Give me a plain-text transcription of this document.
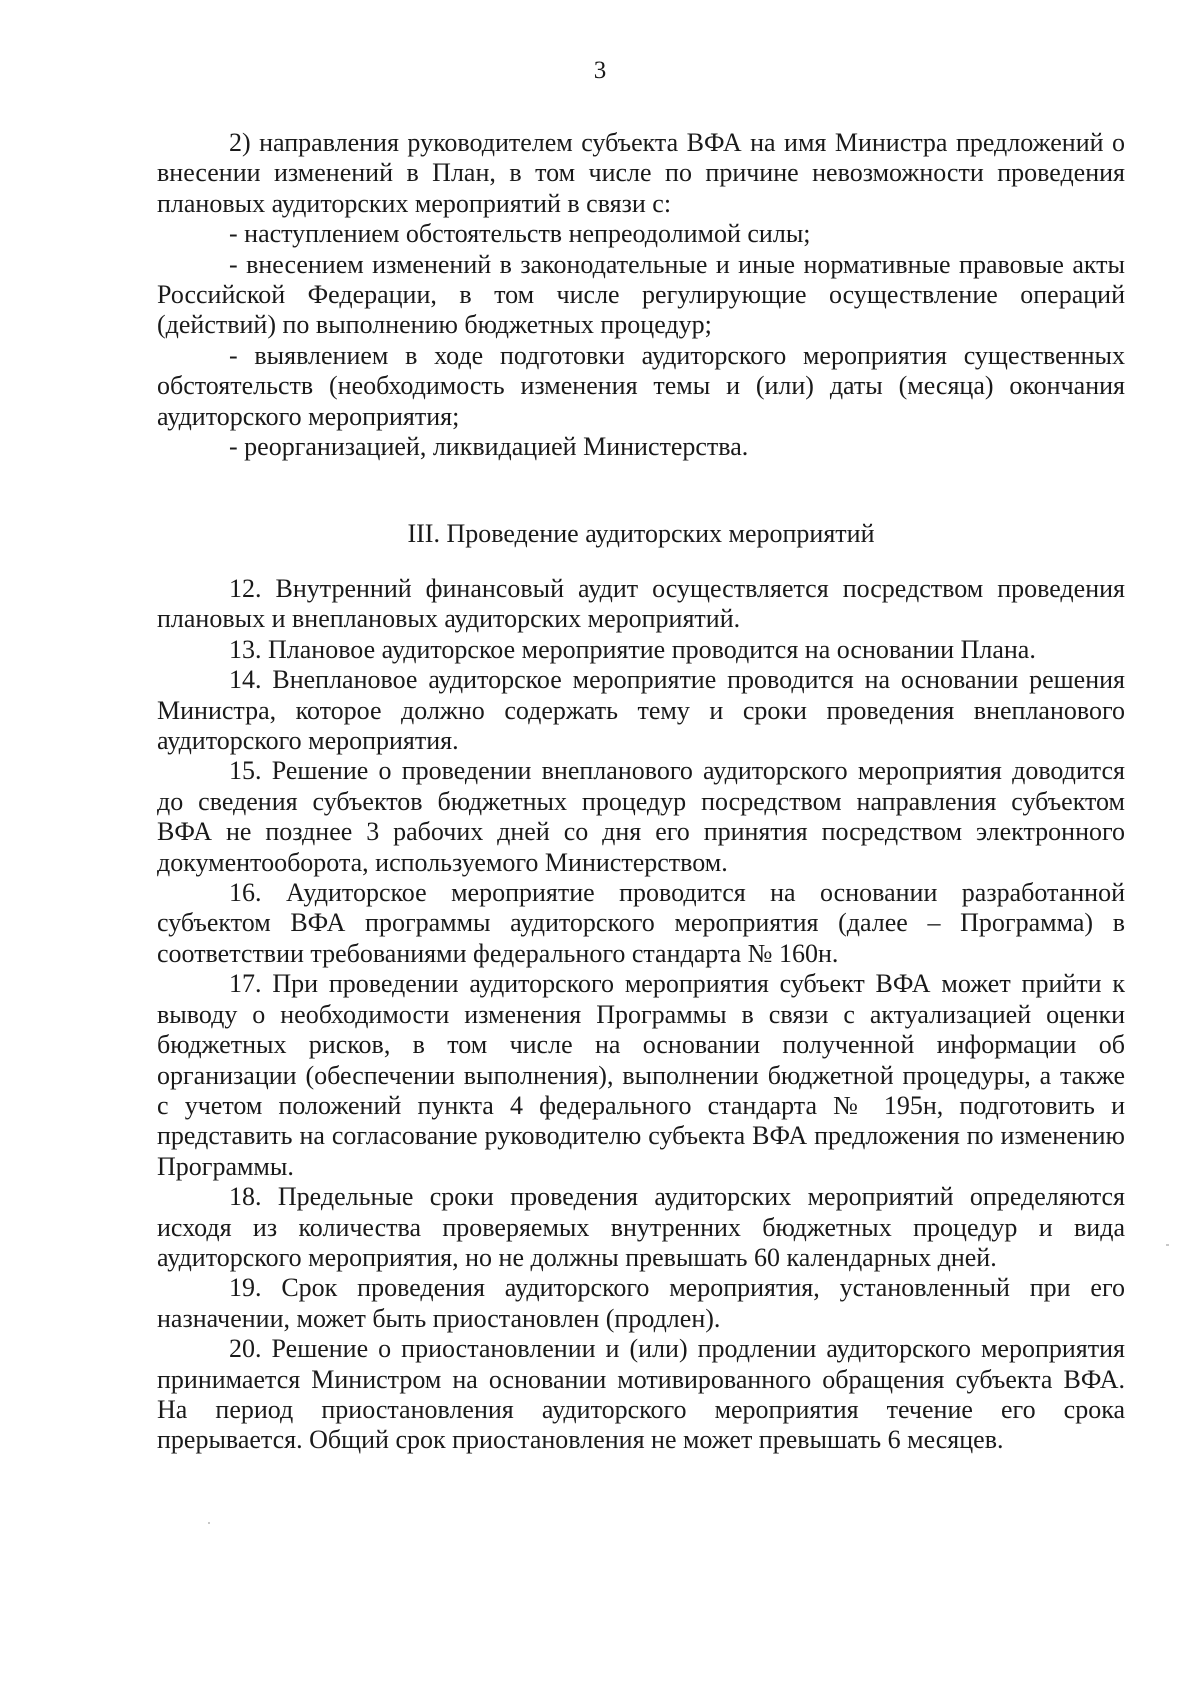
3

2) направления руководителем субъекта ВФА на имя Министра предложений о внесении изменений в План, в том числе по причине невозможности проведения плановых аудиторских мероприятий в связи с:

- наступлением обстоятельств непреодолимой силы;

- внесением изменений в законодательные и иные нормативные правовые акты Российской Федерации, в том числе регулирующие осуществление операций (действий) по выполнению бюджетных процедур;

- выявлением в ходе подготовки аудиторского мероприятия существенных обстоятельств (необходимость изменения темы и (или) даты (месяца) окончания аудиторского мероприятия;

- реорганизацией, ликвидацией Министерства.

III. Проведение аудиторских мероприятий

12. Внутренний финансовый аудит осуществляется посредством проведения плановых и внеплановых аудиторских мероприятий.

13. Плановое аудиторское мероприятие проводится на основании Плана.

14. Внеплановое аудиторское мероприятие проводится на основании решения Министра, которое должно содержать тему и сроки проведения внепланового аудиторского мероприятия.

15. Решение о проведении внепланового аудиторского мероприятия доводится до сведения субъектов бюджетных процедур посредством направления субъектом ВФА не позднее 3 рабочих дней со дня его принятия посредством электронного документооборота, используемого Министерством.

16. Аудиторское мероприятие проводится на основании разработанной субъектом ВФА программы аудиторского мероприятия (далее – Программа) в соответствии требованиями федерального стандарта № 160н.

17. При проведении аудиторского мероприятия субъект ВФА может прийти к выводу о необходимости изменения Программы в связи с актуализацией оценки бюджетных рисков, в том числе на основании полученной информации об организации (обеспечении выполнения), выполнении бюджетной процедуры, а также с учетом положений пункта 4 федерального стандарта № 195н, подготовить и представить на согласование руководителю субъекта ВФА предложения по изменению Программы.

18. Предельные сроки проведения аудиторских мероприятий определяются исходя из количества проверяемых внутренних бюджетных процедур и вида аудиторского мероприятия, но не должны превышать 60 календарных дней.

19. Срок проведения аудиторского мероприятия, установленный при его назначении, может быть приостановлен (продлен).

20. Решение о приостановлении и (или) продлении аудиторского мероприятия принимается Министром на основании мотивированного обращения субъекта ВФА. На период приостановления аудиторского мероприятия течение его срока прерывается. Общий срок приостановления не может превышать 6 месяцев.
